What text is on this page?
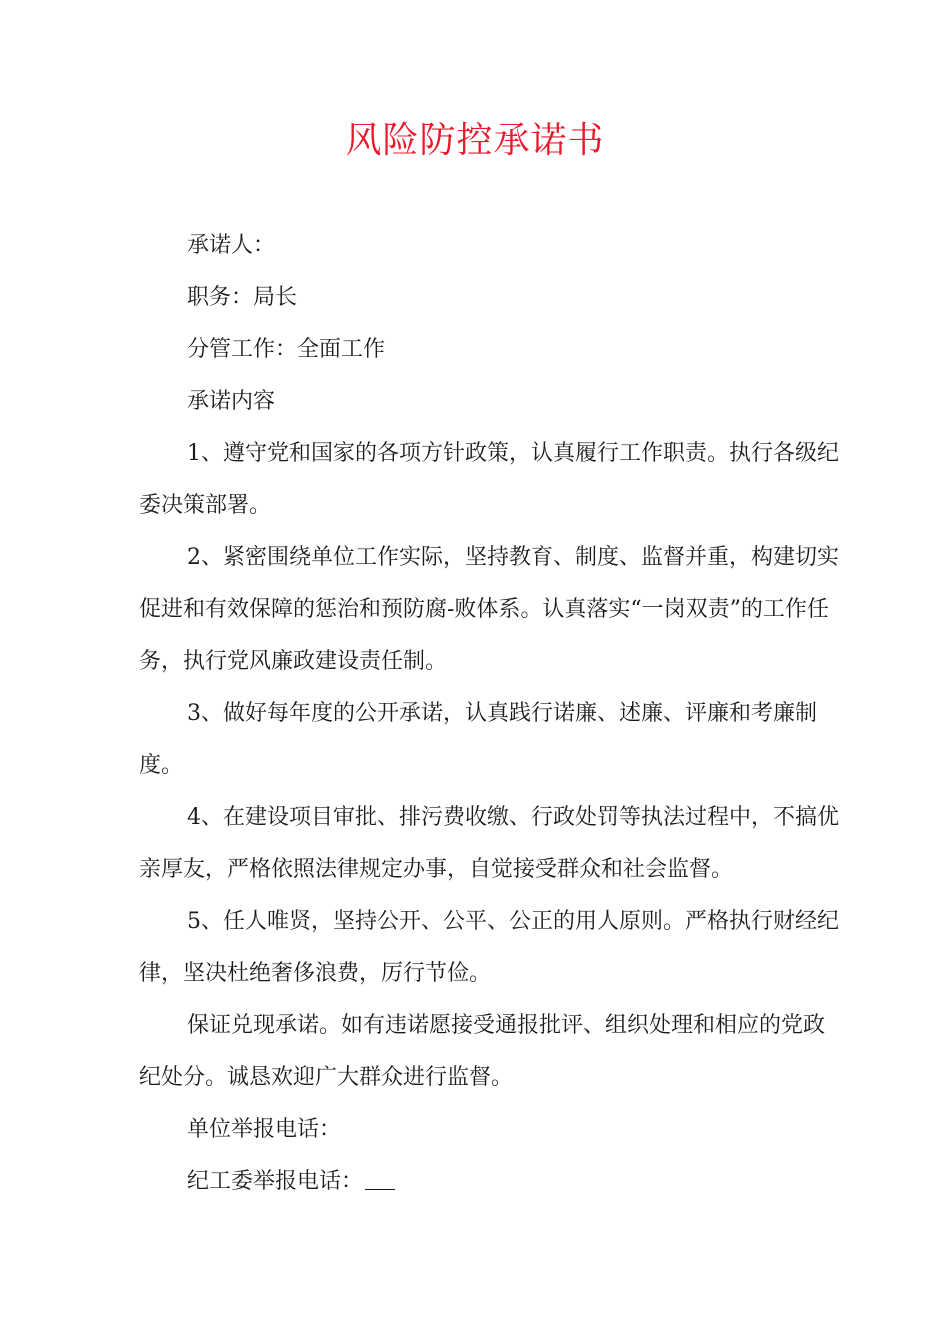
风险防控承诺书

承诺人：

职务：局长

分管工作：全面工作

承诺内容

1、遵守党和国家的各项方针政策，认真履行工作职责。执行各级纪委决策部署。

2、紧密围绕单位工作实际，坚持教育、制度、监督并重，构建切实促进和有效保障的惩治和预防腐-败体系。认真落实“一岗双责”的工作任务，执行党风廉政建设责任制。

3、做好每年度的公开承诺，认真践行诺廉、述廉、评廉和考廉制度。

4、在建设项目审批、排污费收缴、行政处罚等执法过程中，不搞优亲厚友，严格依照法律规定办事，自觉接受群众和社会监督。

5、任人唯贤，坚持公开、公平、公正的用人原则。严格执行财经纪律，坚决杜绝奢侈浪费，厉行节俭。

保证兑现承诺。如有违诺愿接受通报批评、组织处理和相应的党政纪处分。诚恳欢迎广大群众进行监督。

单位举报电话：

纪工委举报电话：
